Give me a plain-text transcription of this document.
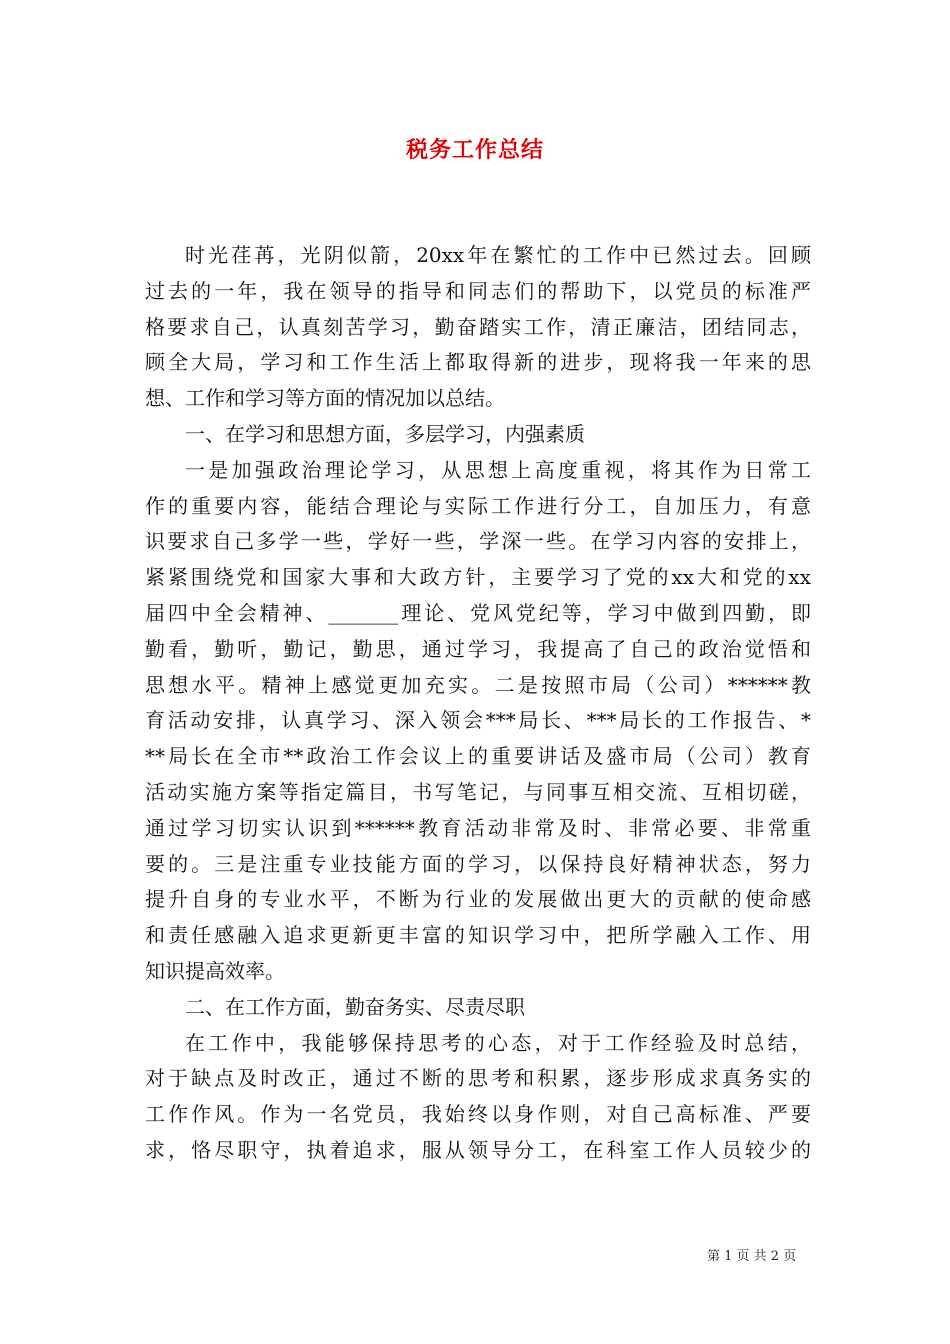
税务工作总结
时光荏苒，光阴似箭，20xx年在繁忙的工作中已然过去。回顾
过去的一年，我在领导的指导和同志们的帮助下，以党员的标准严
格要求自己，认真刻苦学习，勤奋踏实工作，清正廉洁，团结同志，
顾全大局，学习和工作生活上都取得新的进步，现将我一年来的思
想、工作和学习等方面的情况加以总结。
一、在学习和思想方面，多层学习，内强素质
一是加强政治理论学习，从思想上高度重视，将其作为日常工
作的重要内容，能结合理论与实际工作进行分工，自加压力，有意
识要求自己多学一些，学好一些，学深一些。在学习内容的安排上，
紧紧围绕党和国家大事和大政方针，主要学习了党的xx大和党的xx
届四中全会精神、_______理论、党风党纪等，学习中做到四勤，即
勤看，勤听，勤记，勤思，通过学习，我提高了自己的政治觉悟和
思想水平。精神上感觉更加充实。二是按照市局（公司）******教
育活动安排，认真学习、深入领会***局长、***局长的工作报告、*
**局长在全市**政治工作会议上的重要讲话及盛市局（公司）教育
活动实施方案等指定篇目，书写笔记，与同事互相交流、互相切磋，
通过学习切实认识到******教育活动非常及时、非常必要、非常重
要的。三是注重专业技能方面的学习，以保持良好精神状态，努力
提升自身的专业水平，不断为行业的发展做出更大的贡献的使命感
和责任感融入追求更新更丰富的知识学习中，把所学融入工作、用
知识提高效率。
二、在工作方面，勤奋务实、尽责尽职
在工作中，我能够保持思考的心态，对于工作经验及时总结，
对于缺点及时改正，通过不断的思考和积累，逐步形成求真务实的
工作作风。作为一名党员，我始终以身作则，对自己高标准、严要
求，恪尽职守，执着追求，服从领导分工，在科室工作人员较少的
第 1 页 共 2 页
